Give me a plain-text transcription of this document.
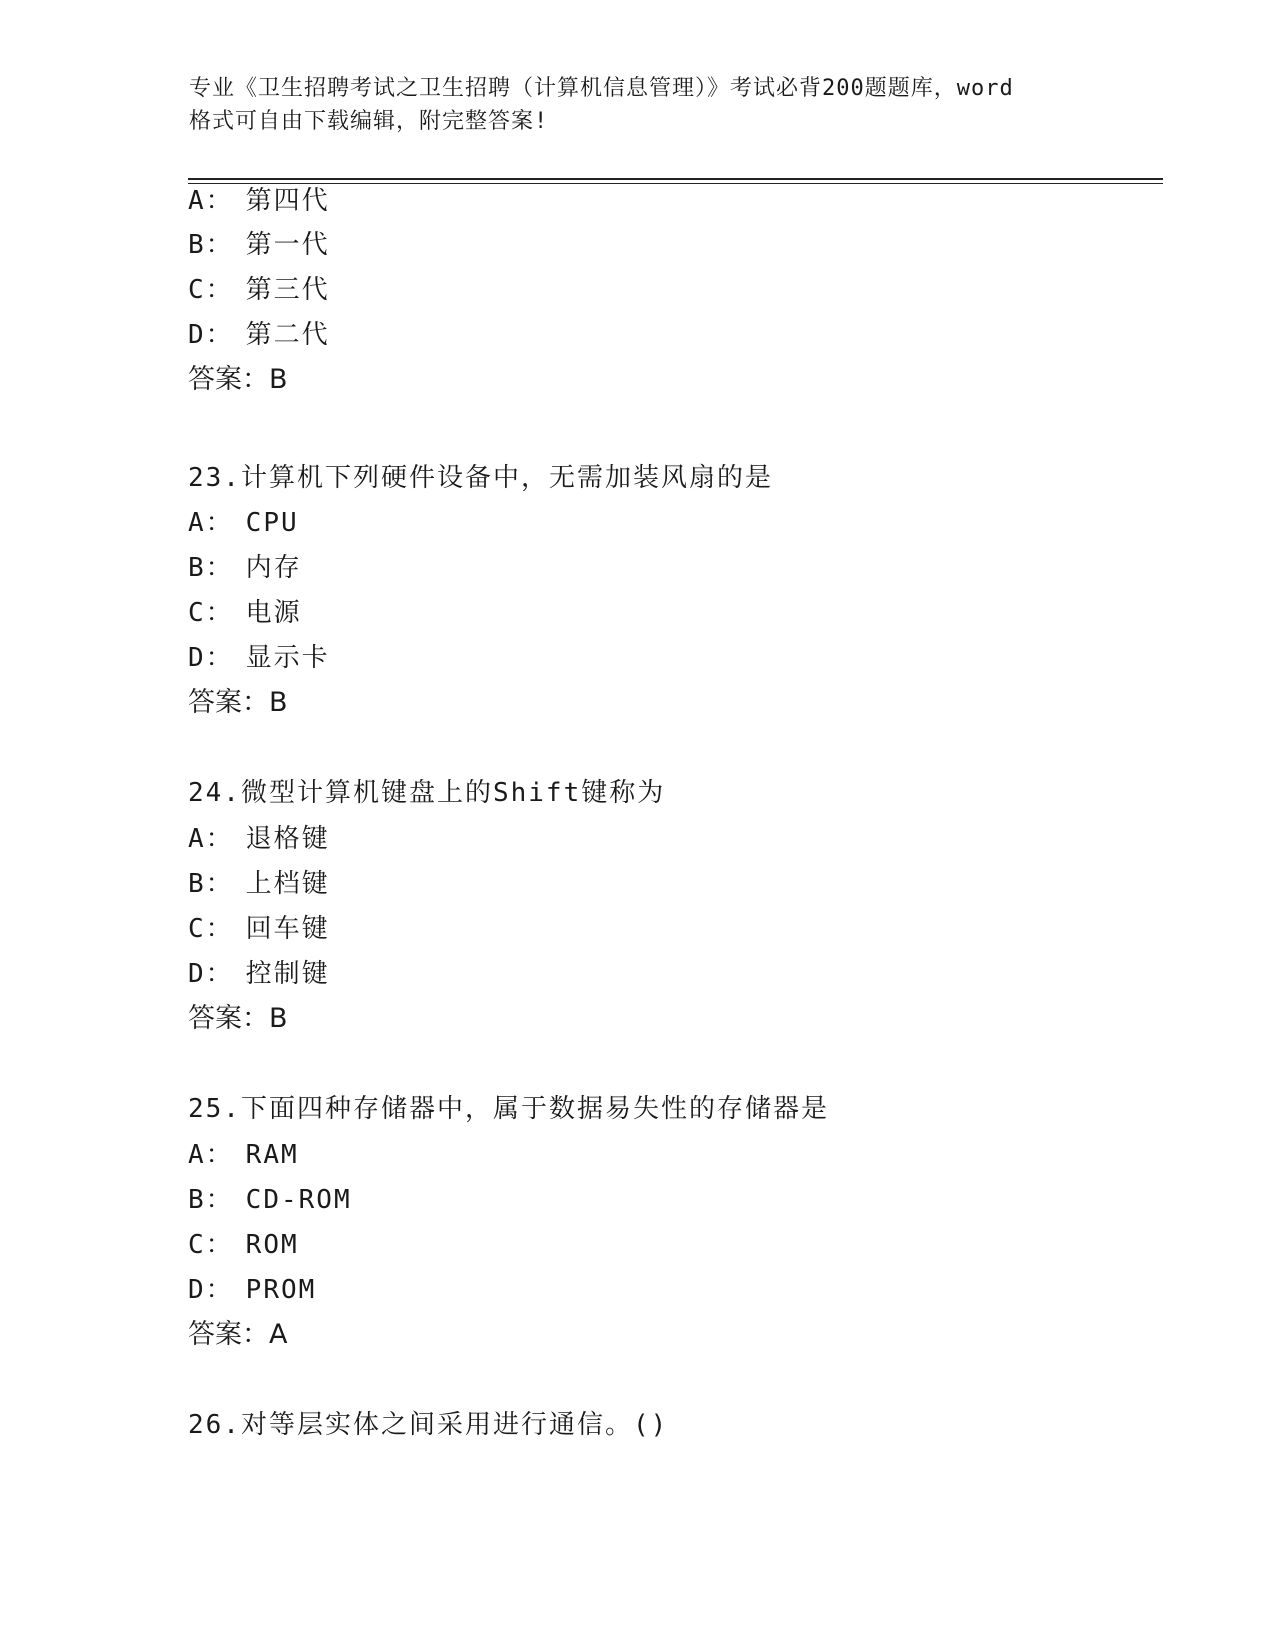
专业《卫生招聘考试之卫生招聘（计算机信息管理）》考试必背200题题库，word
格式可自由下载编辑，附完整答案!
A： 第四代
B： 第一代
C： 第三代
D： 第二代
答案：B
23.计算机下列硬件设备中，无需加装风扇的是
A： CPU
B： 内存
C： 电源
D： 显示卡
答案：B
24.微型计算机键盘上的Shift键称为
A： 退格键
B： 上档键
C： 回车键
D： 控制键
答案：B
25.下面四种存储器中，属于数据易失性的存储器是
A： RAM
B： CD-ROM
C： ROM
D： PROM
答案：A
26.对等层实体之间采用进行通信。()
